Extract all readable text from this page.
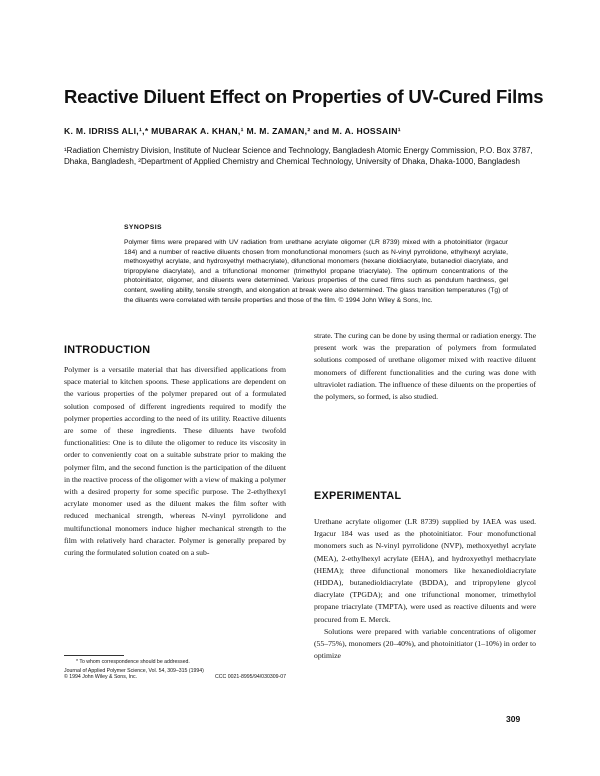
Reactive Diluent Effect on Properties of UV-Cured Films
K. M. IDRISS ALI,¹,* MUBARAK A. KHAN,¹ M. M. ZAMAN,² and M. A. HOSSAIN¹
¹Radiation Chemistry Division, Institute of Nuclear Science and Technology, Bangladesh Atomic Energy Commission, P.O. Box 3787, Dhaka, Bangladesh, ²Department of Applied Chemistry and Chemical Technology, University of Dhaka, Dhaka-1000, Bangladesh
SYNOPSIS

Polymer films were prepared with UV radiation from urethane acrylate oligomer (LR 8739) mixed with a photoinitiator (Irgacur 184) and a number of reactive diluents chosen from monofunctional monomers (such as N-vinyl pyrrolidone, ethylhexyl acrylate, methoxyethyl acrylate, and hydroxyethyl methacrylate), difunctional monomers (hexane dioldiacrylate, butanediol diacrylate, and tripropylene diacrylate), and a trifunctional monomer (trimethylol propane triacrylate). The optimum concentrations of the photoinitiator, oligomer, and diluents were determined. Various properties of the cured films such as pendulum hardness, gel content, swelling ability, tensile strength, and elongation at break were also determined. The glass transition temperatures (Tg) of the diluents were correlated with tensile properties and those of the film. © 1994 John Wiley & Sons, Inc.

INTRODUCTION

Polymer is a versatile material that has diversified applications from space material to kitchen spoons. These applications are dependent on the various properties of the polymer prepared out of a formulated solution composed of different ingredients required to modify the polymer properties according to the need of its utility. Reactive diluents are some of these ingredients. These diluents have twofold functionalities: One is to dilute the oligomer to reduce its viscosity in order to conveniently coat on a suitable substrate prior to making the polymer film, and the second function is the participation of the diluent in the reactive process of the oligomer with a view of making a polymer with a desired property for some specific purpose. The 2-ethylhexyl acrylate monomer used as the diluent makes the film softer with reduced mechanical strength, whereas N-vinyl pyrrolidone and multifunctional monomers induce higher mechanical strength to the film with relatively hard character. Polymer is generally prepared by curing the formulated solution coated on a sub-

strate. The curing can be done by using thermal or radiation energy. The present work was the preparation of polymers from formulated solutions composed of urethane oligomer mixed with reactive diluent monomers of different functionalities and the curing was done with ultraviolet radiation. The influence of these diluents on the properties of the polymers, so formed, is also studied.

EXPERIMENTAL

Urethane acrylate oligomer (LR 8739) supplied by IAEA was used. Irgacur 184 was used as the photoinitiator. Four monofunctional monomers such as N-vinyl pyrrolidone (NVP), methoxyethyl acrylate (MEA), 2-ethylhexyl acrylate (EHA), and hydroxyethyl methacrylate (HEMA); three difunctional monomers like hexanedioldiacrylate (HDDA), butanedioldiacrylate (BDDA), and tripropylene glycol diacrylate (TPGDA); and one trifunctional monomer, trimethylol propane triacrylate (TMPTA), were used as reactive diluents and were procured from E. Merck.

Solutions were prepared with variable concentrations of oligomer (55–75%), monomers (20–40%), and photoinitiator (1–10%) in order to optimize

* To whom correspondence should be addressed.
Journal of Applied Polymer Science, Vol. 54, 309–315 (1994)
© 1994 John Wiley & Sons, Inc.	CCC 0021-8995/94/030309-07
309
